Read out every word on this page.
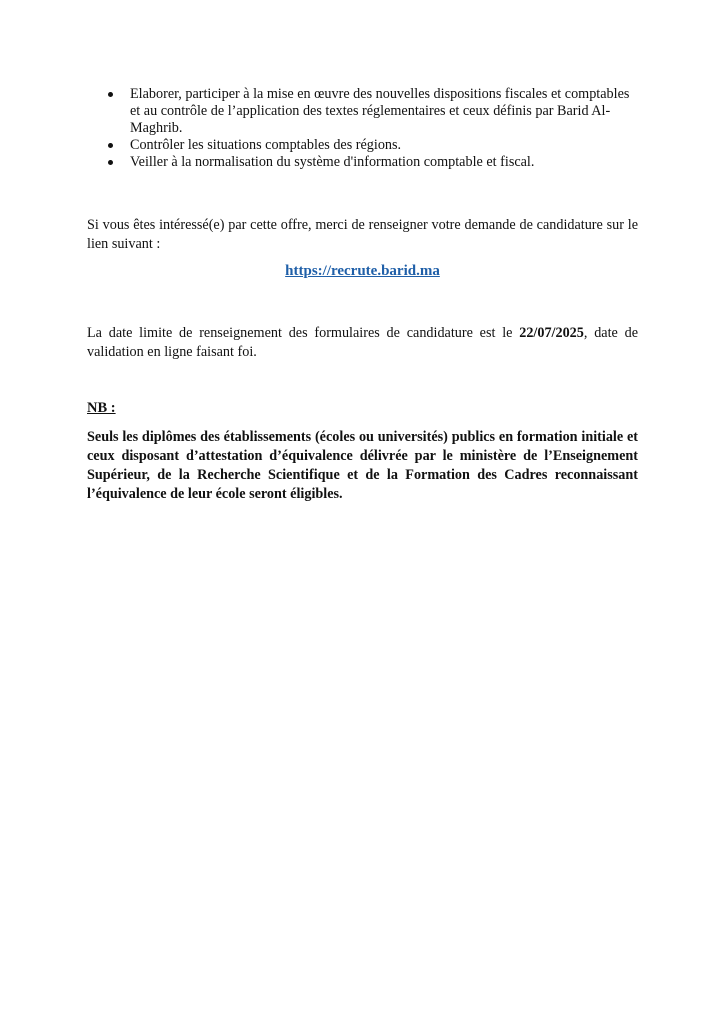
Elaborer, participer à la mise en œuvre des nouvelles dispositions fiscales et comptables et au contrôle de l’application des textes réglementaires et ceux définis par Barid Al-Maghrib.
Contrôler les situations comptables des régions.
Veiller à la normalisation du système d'information comptable et fiscal.

Si vous êtes intéressé(e) par cette offre, merci de renseigner votre demande de candidature sur le lien suivant :

https://recrute.barid.ma

La date limite de renseignement des formulaires de candidature est le 22/07/2025, date de validation en ligne faisant foi.

NB :

Seuls les diplômes des établissements (écoles ou universités) publics en formation initiale et ceux disposant d’attestation d’équivalence délivrée par le ministère de l’Enseignement Supérieur, de la Recherche Scientifique et de la Formation des Cadres reconnaissant l’équivalence de leur école seront éligibles.
